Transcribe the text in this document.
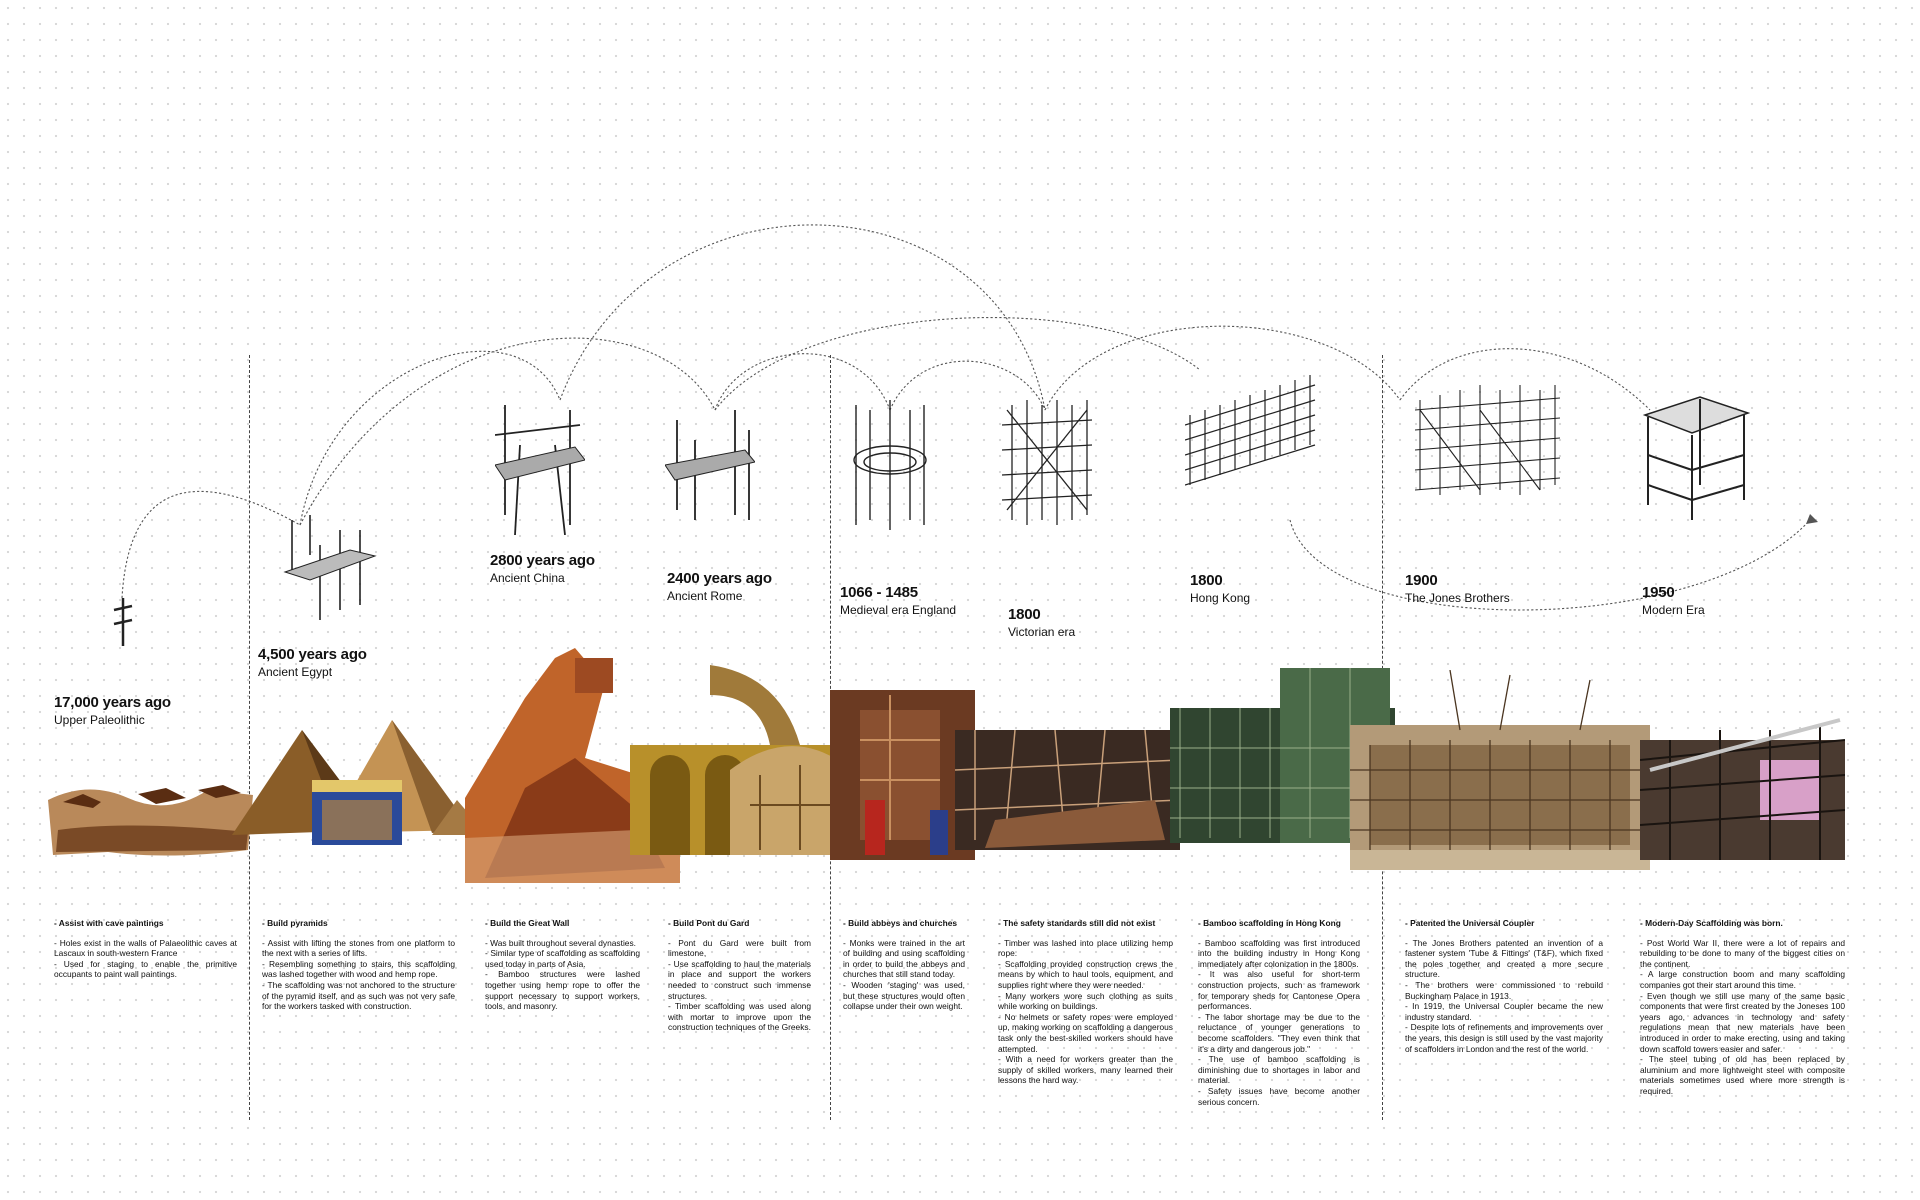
17,000 years ago
Upper Paleolithic
4,500 years ago
Ancient Egypt
2800 years ago
Ancient China	2400 years ago
Ancient Rome	1066 - 1485
Medieval era England	1800
Victorian era
1800
Hong Kong
1900
The Jones Brothers	1950
Modern Era
- Assist with cave paintings

- Holes exist in the walls of Palaeolithic caves at Lascaux in south-western France

- Used for staging to enable the primitive occupants to paint wall paintings.

- Build pyramids

- Assist with lifting the stones from one platform to the next with a series of lifts.

- Resembling something to stairs, this scaffolding was lashed together with wood and hemp rope.

- The scaffolding was not anchored to the structure of the pyramid itself, and as such was not very safe for the workers tasked with construction.

- Build the Great Wall

- Was built throughout several dynasties.

- Similar type of scaffolding as scaffolding used today in parts of Asia.

- Bamboo structures were lashed together using hemp rope to offer the support necessary to support workers, tools, and masonry.

- Build Pont du Gard

- Pont du Gard were built from limestone,

- Use scaffolding to haul the materials in place and support the workers needed to construct such immense structures.

- Timber scaffolding was used along with mortar to improve upon the construction techniques of the Greeks.

- Build abbeys and churches

- Monks were trained in the art of building and using scaffolding in order to build the abbeys and churches that still stand today.

- Wooden 'staging' was used, but these structures would often collapse under their own weight.

- The safety standards still did not exist

- Timber was lashed into place utilizing hemp rope.

- Scaffolding provided construction crews the means by which to haul tools, equipment, and supplies right where they were needed.

- Many workers wore such clothing as suits while working on buildings.

- No helmets or safety ropes were employed up, making working on scaffolding a dangerous task only the best-skilled workers should have attempted.

- With a need for workers greater than the supply of skilled workers, many learned their lessons the hard way.

- Bamboo scaffolding in Hong Kong

- Bamboo scaffolding was first introduced into the building industry in Hong Kong immediately after colonization in the 1800s.

- It was also useful for short-term construction projects, such as framework for temporary sheds for Cantonese Opera performances.

- The labor shortage may be due to the reluctance of younger generations to become scaffolders. "They even think that it's a dirty and dangerous job."

- The use of bamboo scaffolding is diminishing due to shortages in labor and material.

- Safety issues have become another serious concern.

- Patented the Universal Coupler

- The Jones Brothers patented an invention of a fastener system 'Tube & Fittings' (T&F), which fixed the poles together and created a more secure structure.

- The brothers were commissioned to rebuild Buckingham Palace in 1913.

- In 1919, the Universal Coupler became the new industry standard.

- Despite lots of refinements and improvements over the years, this design is still used by the vast majority of scaffolders in London and the rest of the world.

- Modern-Day Scaffolding was born.

- Post World War II, there were a lot of repairs and rebuilding to be done to many of the biggest cities on the continent.

- A large construction boom and many scaffolding companies got their start around this time.

- Even though we still use many of the same basic components that were first created by the Joneses 100 years ago, advances in technology and safety regulations mean that new materials have been introduced in order to make erecting, using and taking down scaffold towers easier and safer.

- The steel tubing of old has been replaced by aluminium and more lightweight steel with composite materials sometimes used where more strength is required.
